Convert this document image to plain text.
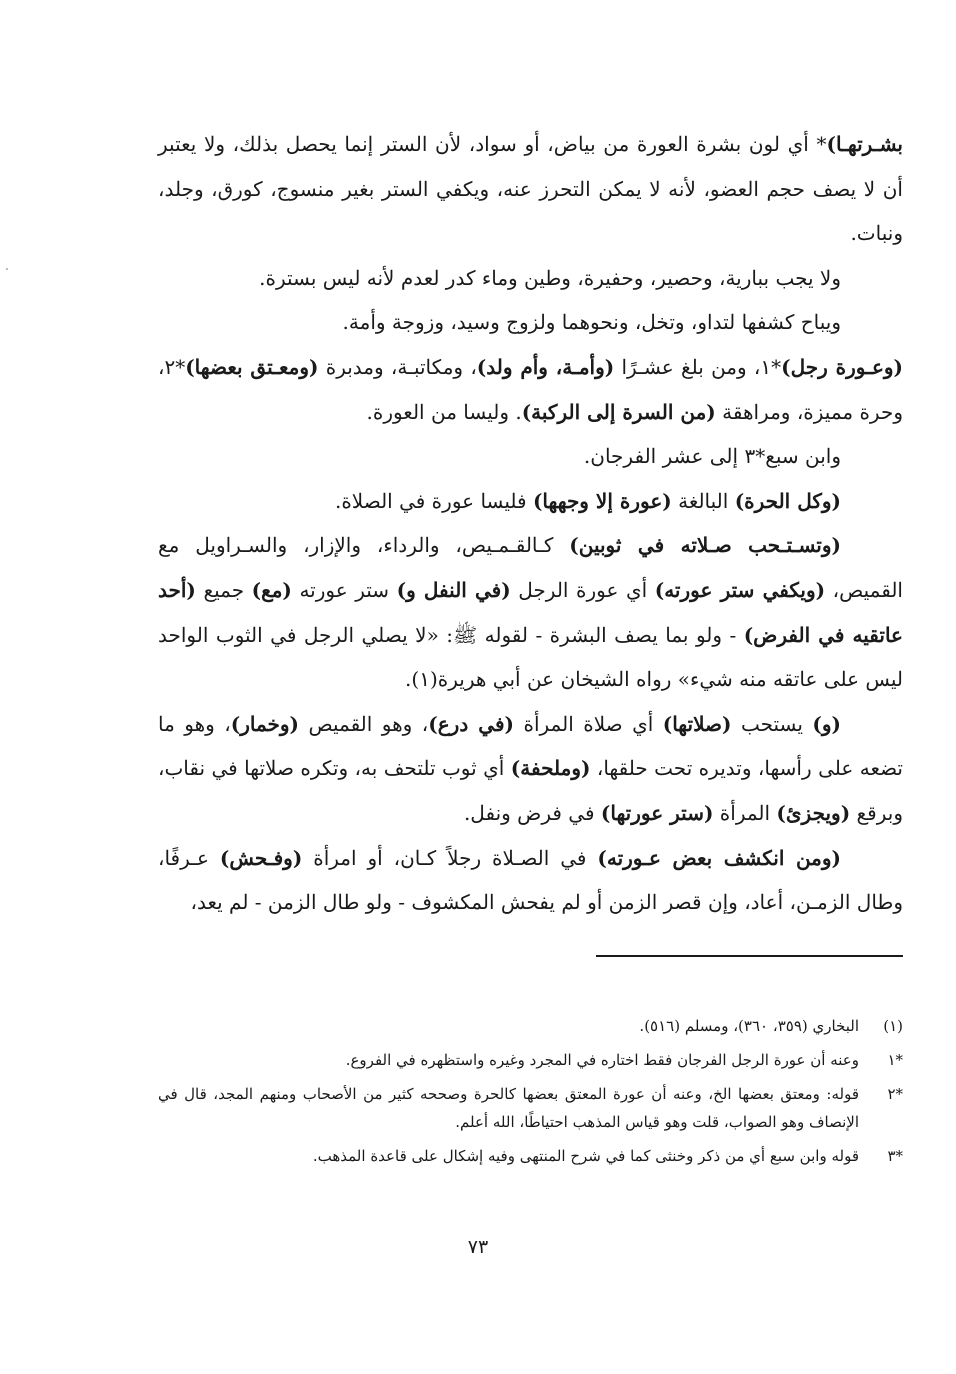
بشـرتهـا)* أي لون بشرة العورة من بياض، أو سواد، لأن الستر إنما يحصل بذلك، ولا يعتبر أن لا يصف حجم العضو، لأنه لا يمكن التحرز عنه، ويكفي الستر بغير منسوج، كورق، وجلد، ونبات.

ولا يجب ببارية، وحصير، وحفيرة، وطين وماء كدر لعدم لأنه ليس بسترة.

ويباح كشفها لتداو، وتخل، ونحوهما ولزوج وسيد، وزوجة وأمة.

(وعـورة رجل)*١، ومن بلغ عشـرًا (وأمـة، وأم ولد)، ومكاتبـة، ومدبرة (ومعـتق بعضها)*٢، وحرة مميزة، ومراهقة (من السرة إلى الركبة). وليسا من العورة.

وابن سبع*٣ إلى عشر الفرجان.

(وكل الحرة) البالغة (عورة إلا وجهها) فليسا عورة في الصلاة.

(وتسـتـحب صـلاته في ثوبين) كـالقـمـيص، والرداء، والإزار، والسـراويل مع القميص، (ويكفي ستر عورته) أي عورة الرجل (في النفل و) ستر عورته (مع) جميع (أحد عاتقيه في الفرض) - ولو بما يصف البشرة - لقوله ﷺ: «لا يصلي الرجل في الثوب الواحد ليس على عاتقه منه شيء» رواه الشيخان عن أبي هريرة(١).

(و) يستحب (صلاتها) أي صلاة المرأة (في درع)، وهو القميص (وخمار)، وهو ما تضعه على رأسها، وتديره تحت حلقها، (وملحفة) أي ثوب تلتحف به، وتكره صلاتها في نقاب، وبرقع (ويجزئ) المرأة (ستر عورتها) في فرض ونفل.

(ومن انكشف بعض عـورته) في الصـلاة رجلاً كـان، أو امرأة (وفـحش) عـرفًا، وطال الزمـن، أعاد، وإن قصر الزمن أو لم يفحش المكشوف - ولو طال الزمن - لم يعد،

(١)
البخاري (٣٥٩، ٣٦٠)، ومسلم (٥١٦).
*١
وعنه أن عورة الرجل الفرجان فقط اختاره في المجرد وغيره واستظهره في الفروع.
*٢
قوله: ومعتق بعضها الخ، وعنه أن عورة المعتق بعضها كالحرة وصححه كثير من الأصحاب ومنهم المجد، قال في الإنصاف وهو الصواب، قلت وهو قياس المذهب احتياطًا، الله أعلم.
*٣
قوله وابن سبع أي من ذكر وخنثى كما في شرح المنتهى وفيه إشكال على قاعدة المذهب.
٧٣
